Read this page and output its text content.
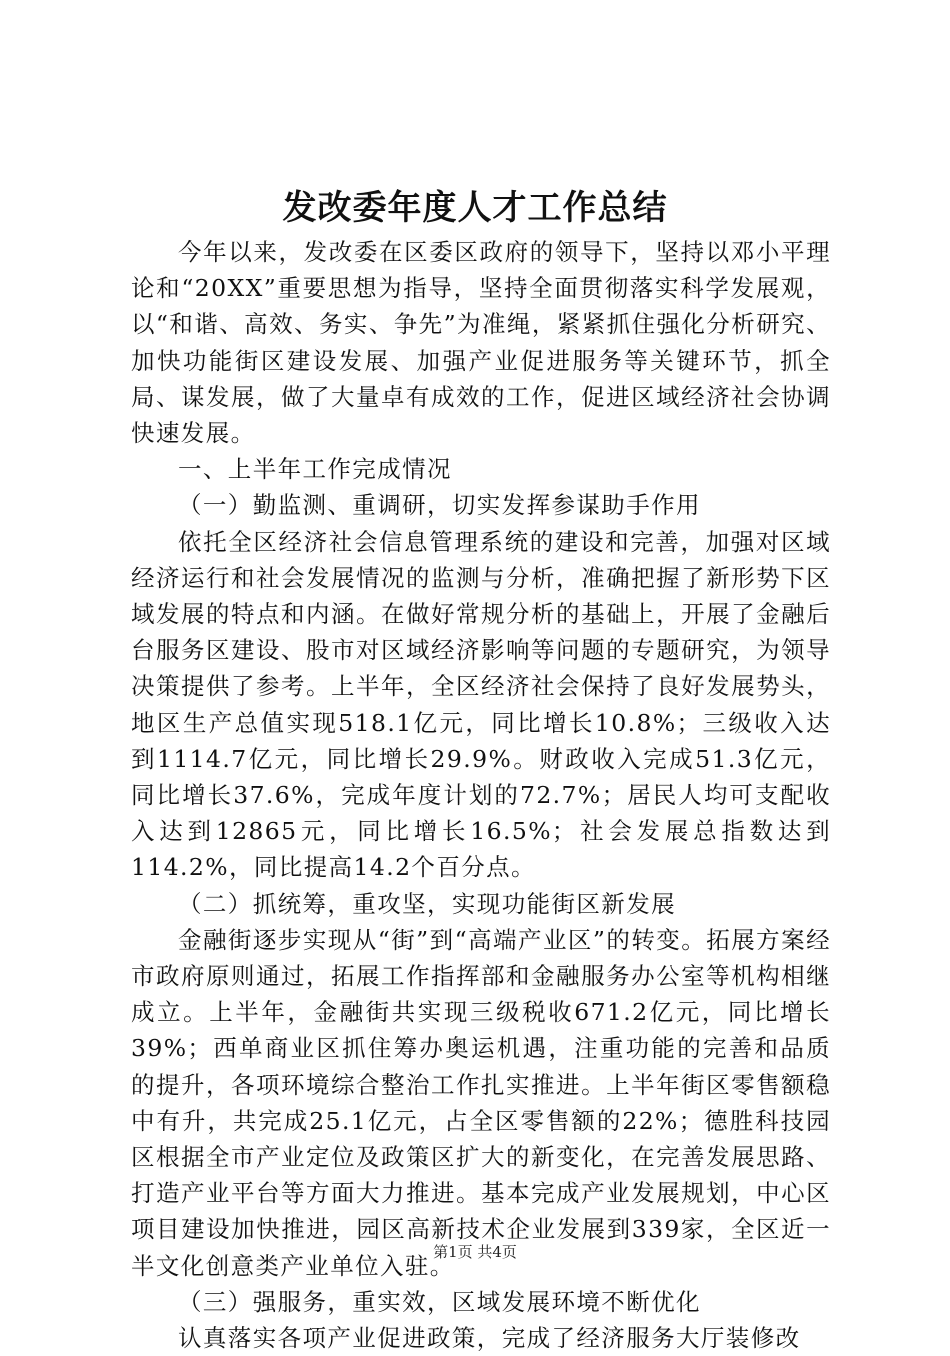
发改委年度人才工作总结

今年以来，发改委在区委区政府的领导下，坚持以邓小平理论和“20XX”重要思想为指导，坚持全面贯彻落实科学发展观，以“和谐、高效、务实、争先”为准绳，紧紧抓住强化分析研究、加快功能街区建设发展、加强产业促进服务等关键环节，抓全局、谋发展，做了大量卓有成效的工作，促进区域经济社会协调快速发展。

一、上半年工作完成情况

（一）勤监测、重调研，切实发挥参谋助手作用

依托全区经济社会信息管理系统的建设和完善，加强对区域经济运行和社会发展情况的监测与分析，准确把握了新形势下区域发展的特点和内涵。在做好常规分析的基础上，开展了金融后台服务区建设、股市对区域经济影响等问题的专题研究，为领导决策提供了参考。上半年，全区经济社会保持了良好发展势头，地区生产总值实现518.1亿元，同比增长10.8%；三级收入达到1114.7亿元，同比增长29.9%。财政收入完成51.3亿元，同比增长37.6%，完成年度计划的72.7%；居民人均可支配收入达到12865元，同比增长16.5%；社会发展总指数达到114.2%，同比提高14.2个百分点。

（二）抓统筹，重攻坚，实现功能街区新发展

金融街逐步实现从“街”到“高端产业区”的转变。拓展方案经市政府原则通过，拓展工作指挥部和金融服务办公室等机构相继成立。上半年，金融街共实现三级税收671.2亿元，同比增长39%；西单商业区抓住筹办奥运机遇，注重功能的完善和品质的提升，各项环境综合整治工作扎实推进。上半年街区零售额稳中有升，共完成25.1亿元，占全区零售额的22%；德胜科技园区根据全市产业定位及政策区扩大的新变化，在完善发展思路、打造产业平台等方面大力推进。基本完成产业发展规划，中心区项目建设加快推进，园区高新技术企业发展到339家，全区近一半文化创意类产业单位入驻。

（三）强服务，重实效，区域发展环境不断优化

认真落实各项产业促进政策，完成了经济服务大厅装修改

第1页 共4页
